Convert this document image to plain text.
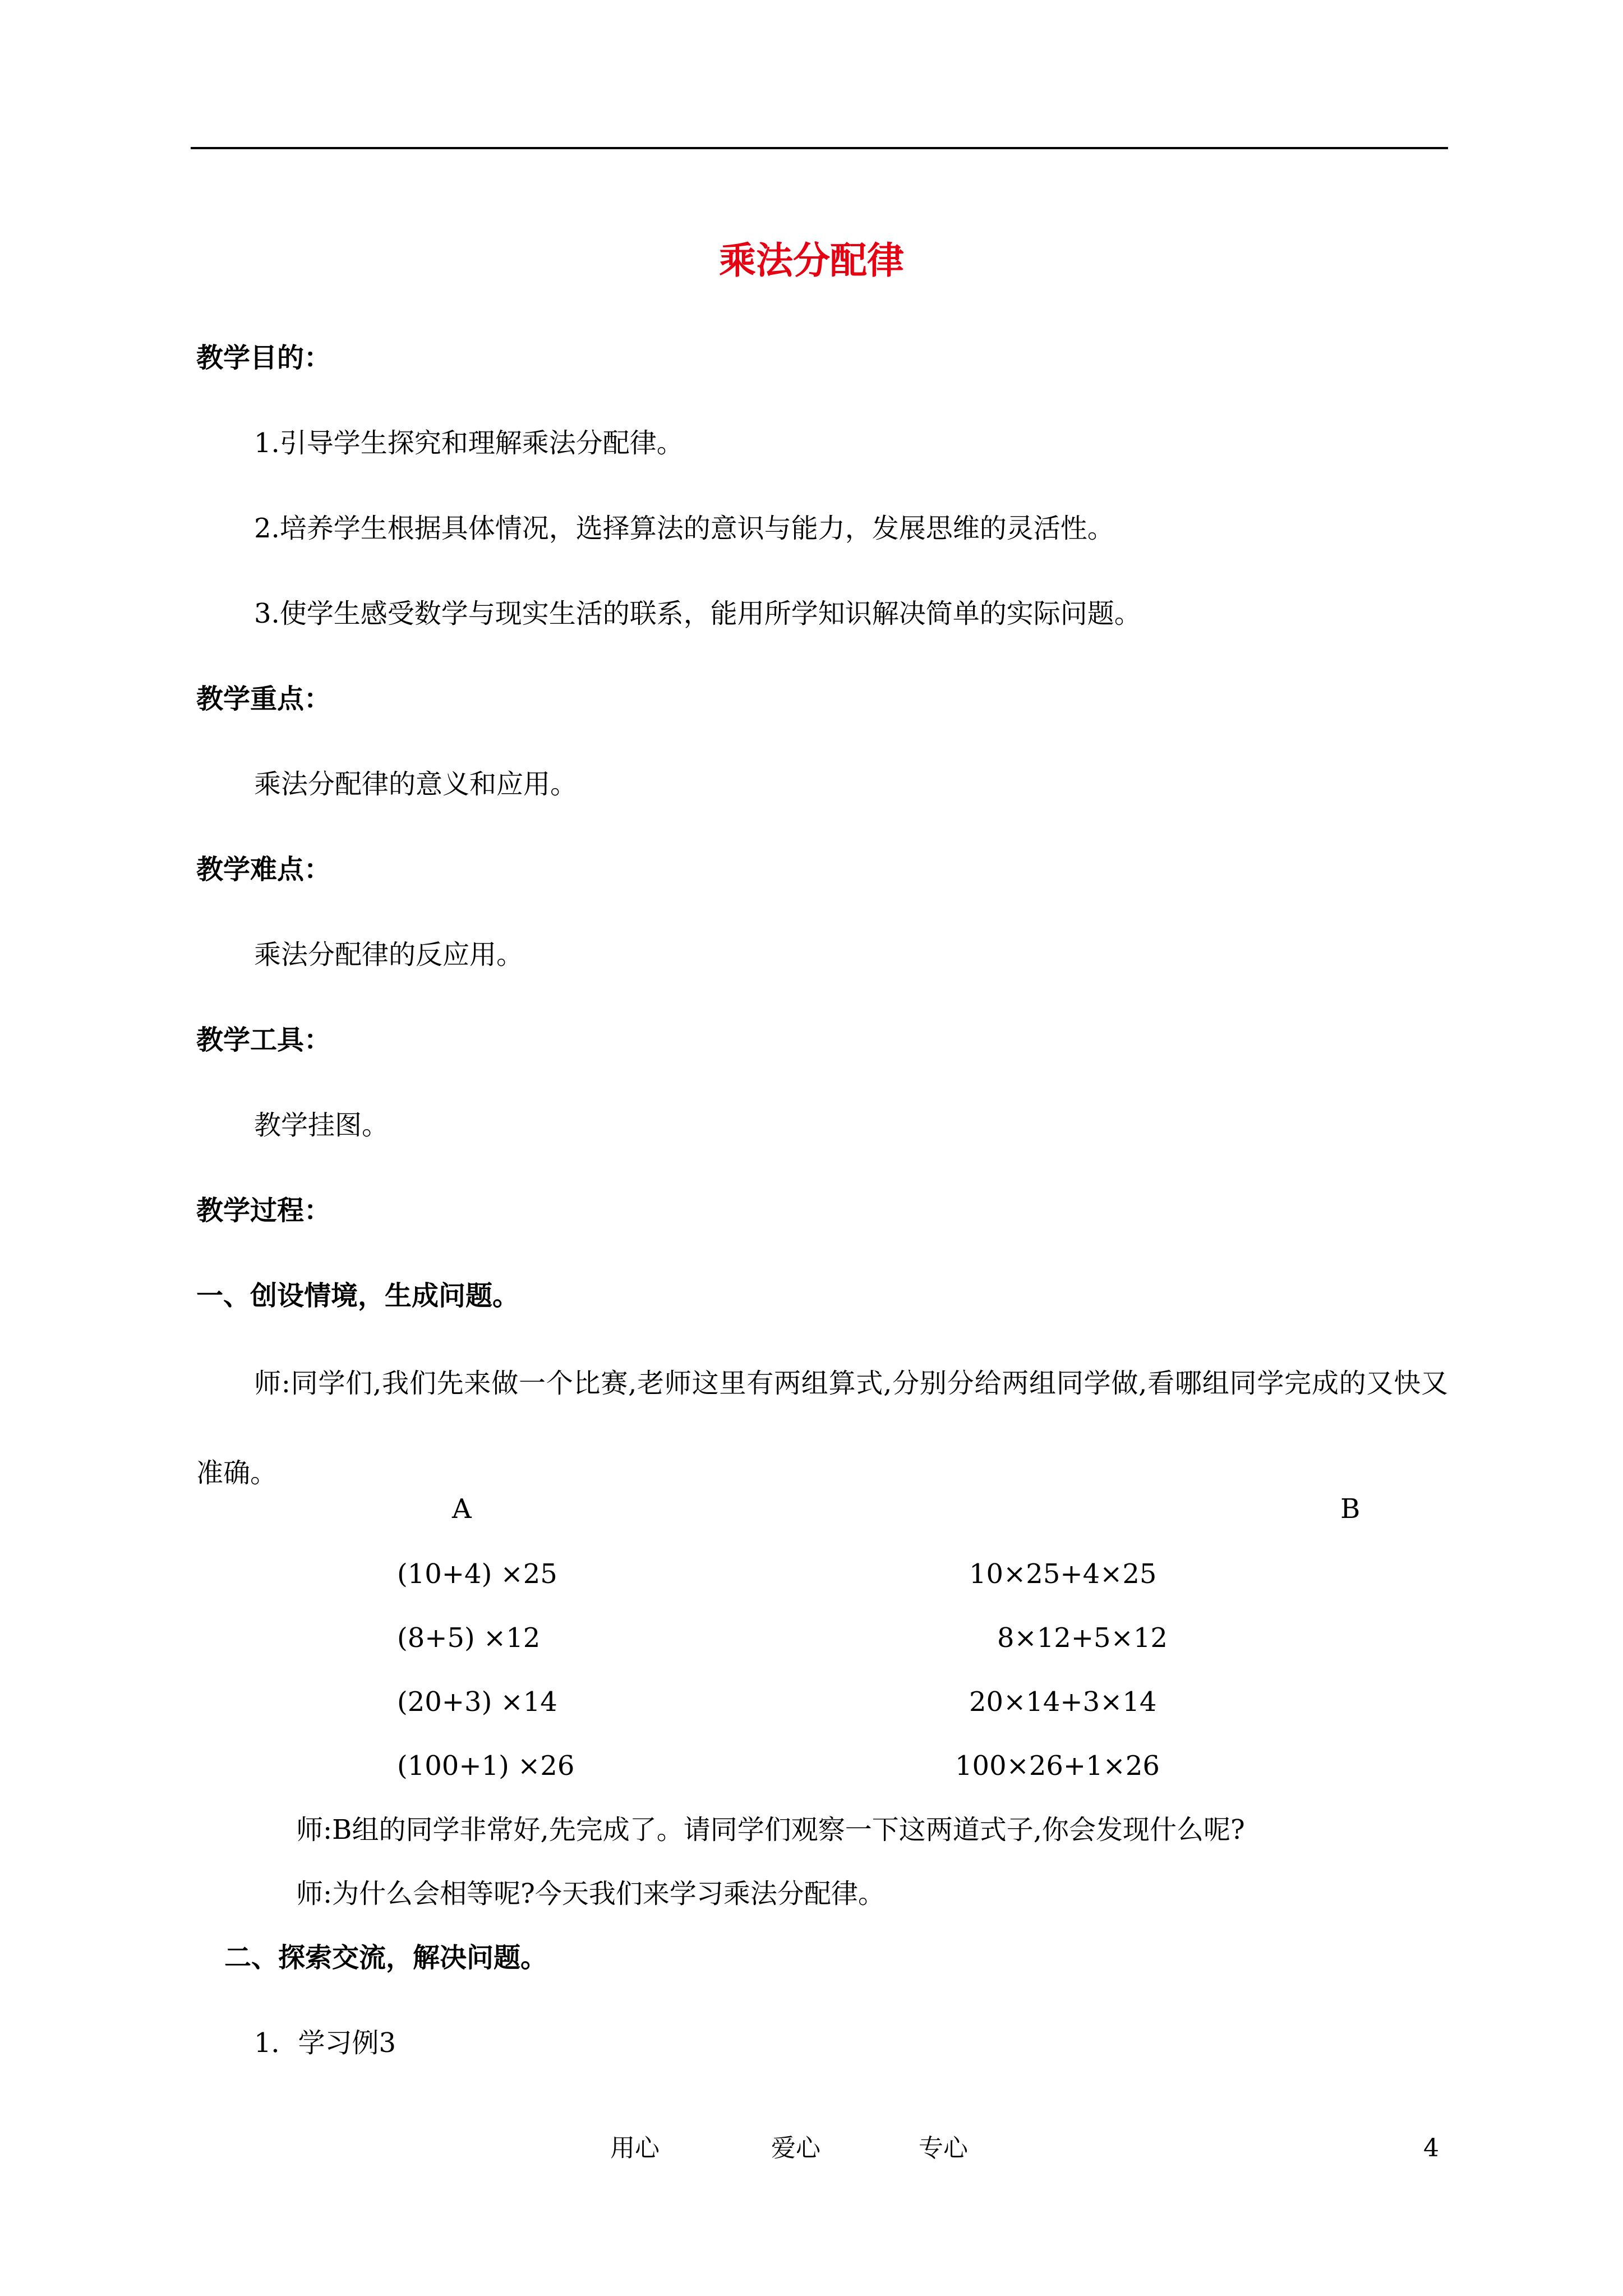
乘法分配律
教学目的：
1.引导学生探究和理解乘法分配律。
2.培养学生根据具体情况，选择算法的意识与能力，发展思维的灵活性。
3.使学生感受数学与现实生活的联系，能用所学知识解决简单的实际问题。
教学重点：
乘法分配律的意义和应用。
教学难点：
乘法分配律的反应用。
教学工具：
教学挂图。
教学过程：
一、创设情境，生成问题。
师:同学们,我们先来做一个比赛,老师这里有两组算式,分别分给两组同学做,看哪组同学完成的又快又准确。
A	B
(10+4) ×25	10×25+4×25
(8+5) ×12	8×12+5×12
(20+3) ×14	20×14+3×14
(100+1) ×26	100×26+1×26
师:B组的同学非常好,先完成了。请同学们观察一下这两道式子,你会发现什么呢?
师:为什么会相等呢?今天我们来学习乘法分配律。
二、探索交流，解决问题。
1．学习例3
用心	爱心	专心	4
